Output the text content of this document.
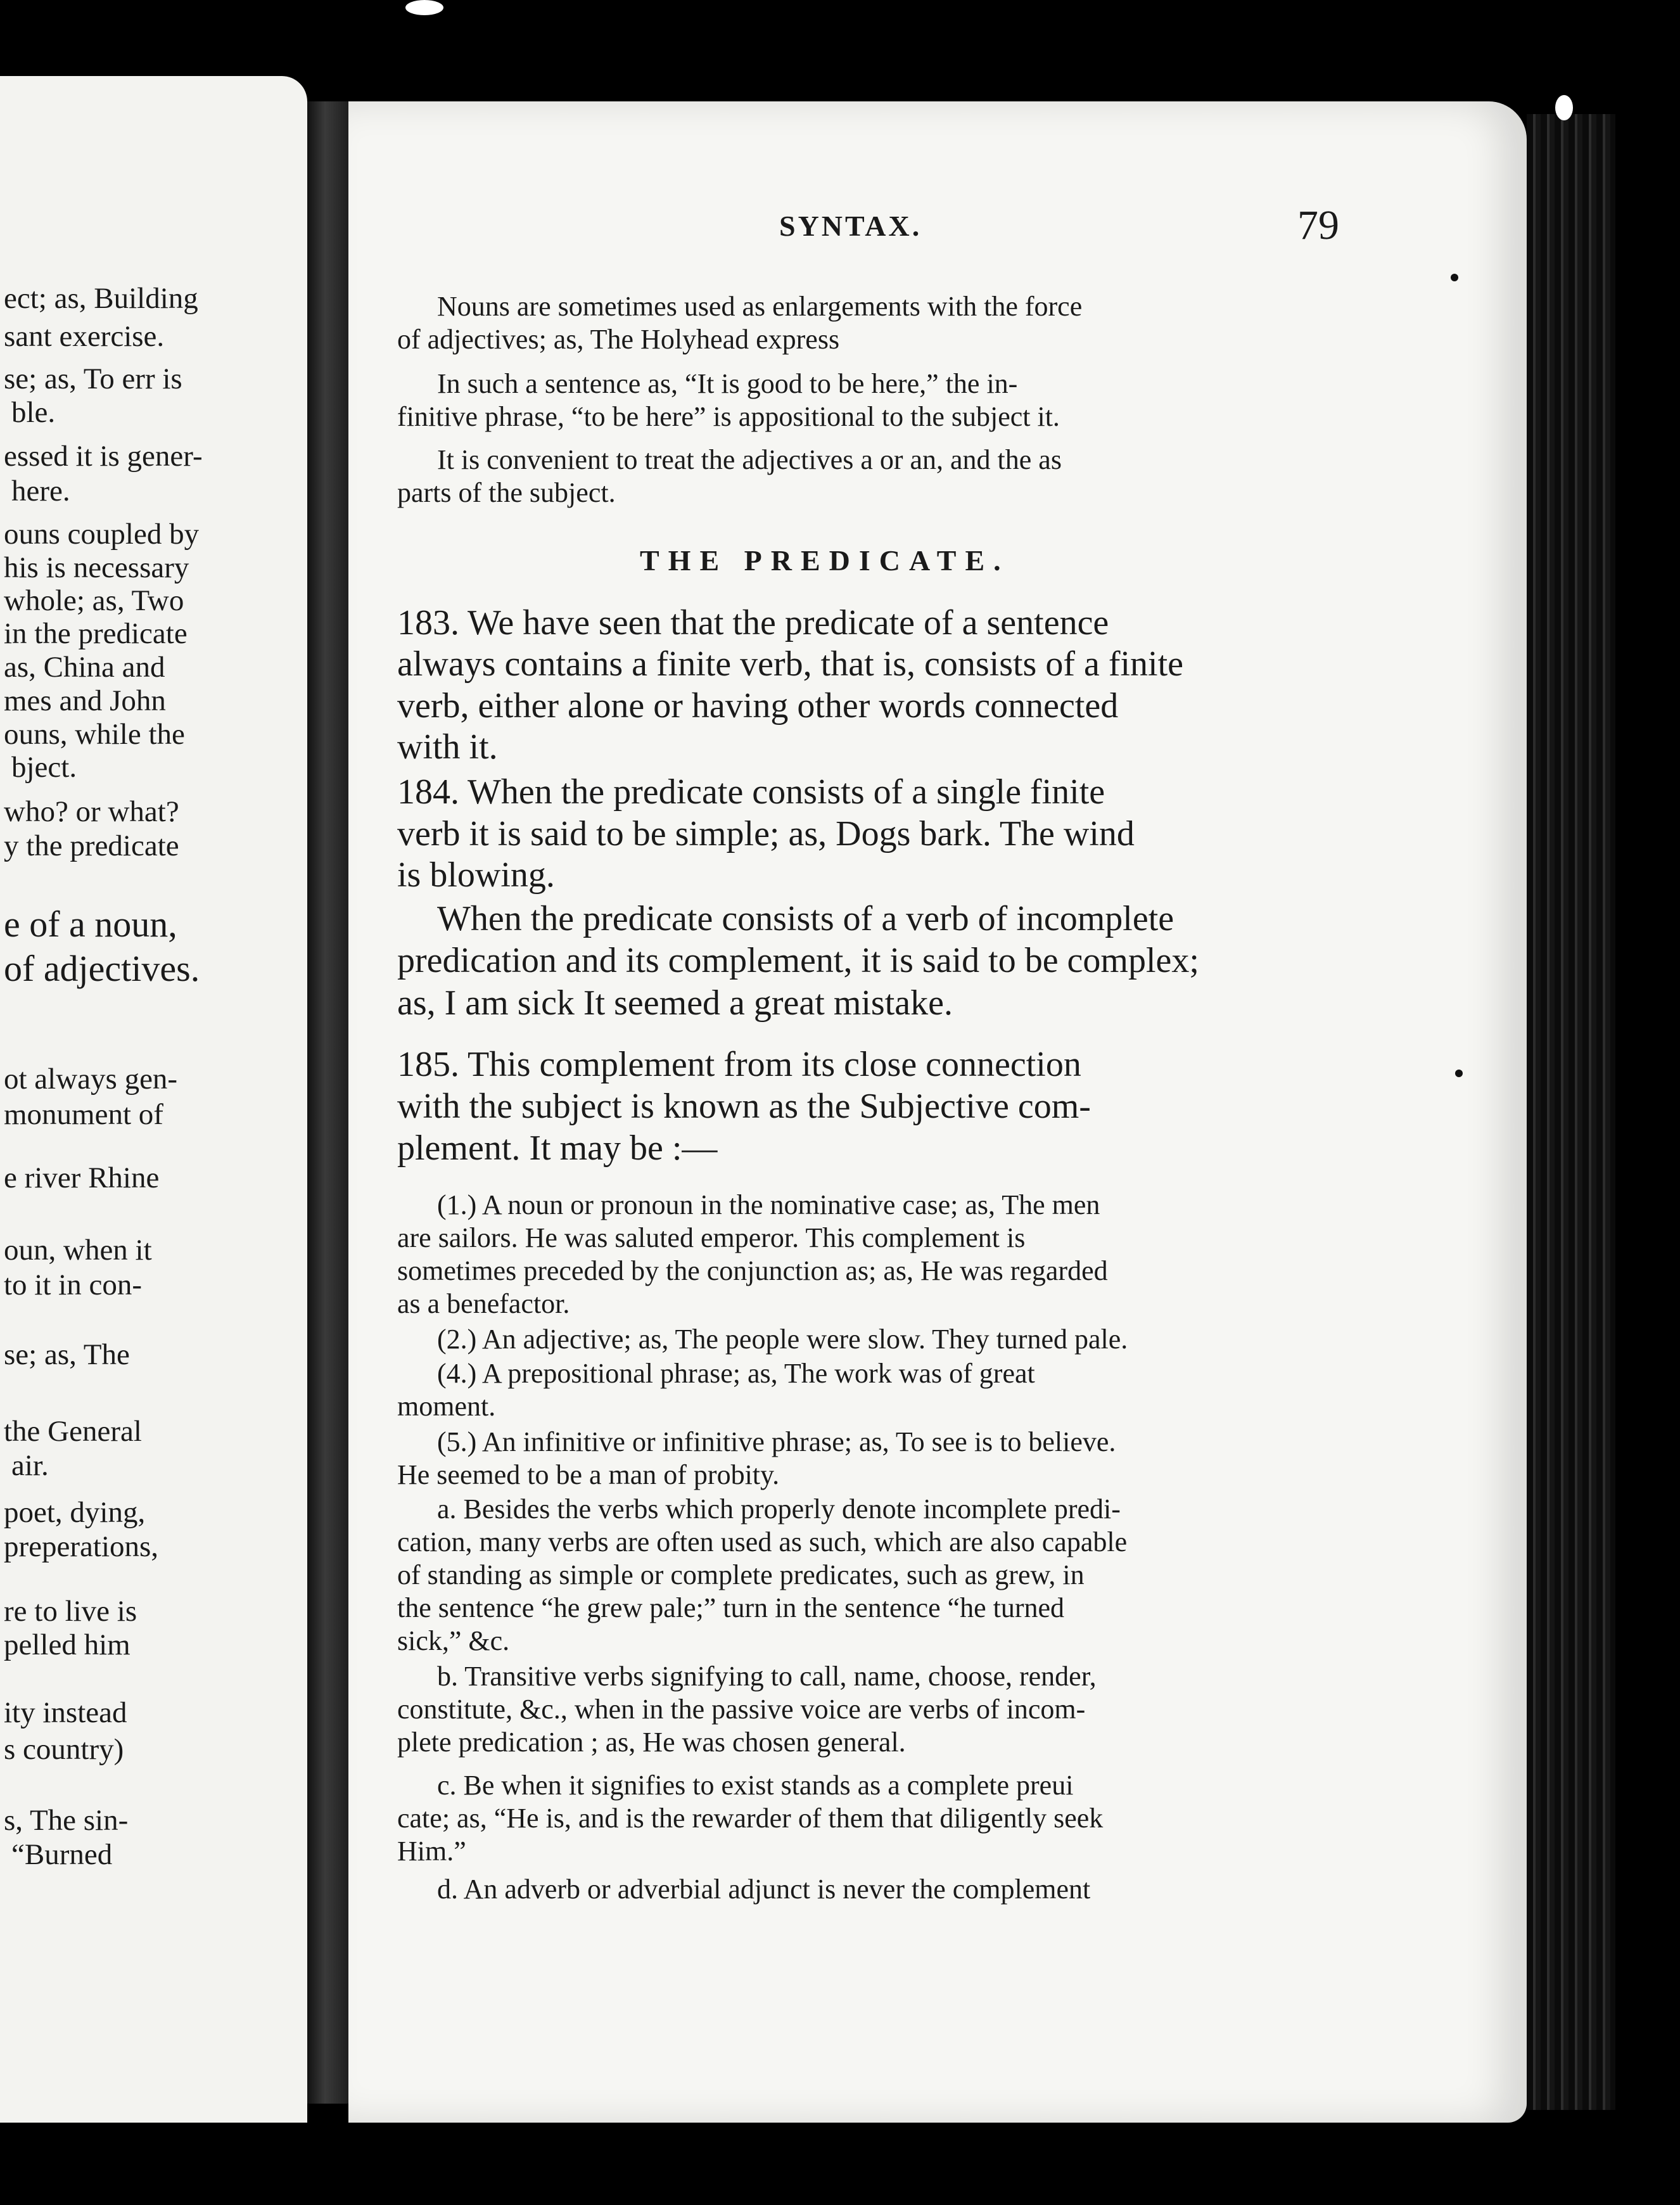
ect; as, Building
sant exercise.
se; as, To err is
ble.
essed it is gener-
here.
ouns coupled by
his is necessary
whole; as, Two
in the predicate
as, China and
mes and John
ouns, while the
bject.
who? or what?
y the predicate
e of a noun,
of adjectives.
ot always gen-
monument of
e river Rhine
oun, when it
to it in con-
se; as, The
the General
air.
poet, dying,
preperations,
re to live is
pelled him
ity instead
s country)
s, The sin-
“Burned
SYNTAX.	79
Nouns are sometimes used as enlargements with the force
of adjectives; as, The Holyhead express
In such a sentence as, “It is good to be here,” the in-
finitive phrase, “to be here” is appositional to the subject it.
It is convenient to treat the adjectives a or an, and the as
parts of the subject.
THE PREDICATE.
183. We have seen that the predicate of a sentence
always contains a finite verb, that is, consists of a finite
verb, either alone or having other words connected
with it.
184. When the predicate consists of a single finite
verb it is said to be simple; as, Dogs bark. The wind
is blowing.
When the predicate consists of a verb of incomplete
predication and its complement, it is said to be complex;
as, I am sick It seemed a great mistake.
185. This complement from its close connection
with the subject is known as the Subjective com-
plement. It may be :—
(1.) A noun or pronoun in the nominative case; as, The men
are sailors. He was saluted emperor. This complement is
sometimes preceded by the conjunction as; as, He was regarded
as a benefactor.
(2.) An adjective; as, The people were slow. They turned pale.
(4.) A prepositional phrase; as, The work was of great
moment.
(5.) An infinitive or infinitive phrase; as, To see is to believe.
He seemed to be a man of probity.
a. Besides the verbs which properly denote incomplete predi-
cation, many verbs are often used as such, which are also capable
of standing as simple or complete predicates, such as grew, in
the sentence “he grew pale;” turn in the sentence “he turned
sick,” &c.
b. Transitive verbs signifying to call, name, choose, render,
constitute, &c., when in the passive voice are verbs of incom-
plete predication ; as, He was chosen general.
c. Be when it signifies to exist stands as a complete preui
cate; as, “He is, and is the rewarder of them that diligently seek
Him.”
d. An adverb or adverbial adjunct is never the complement
